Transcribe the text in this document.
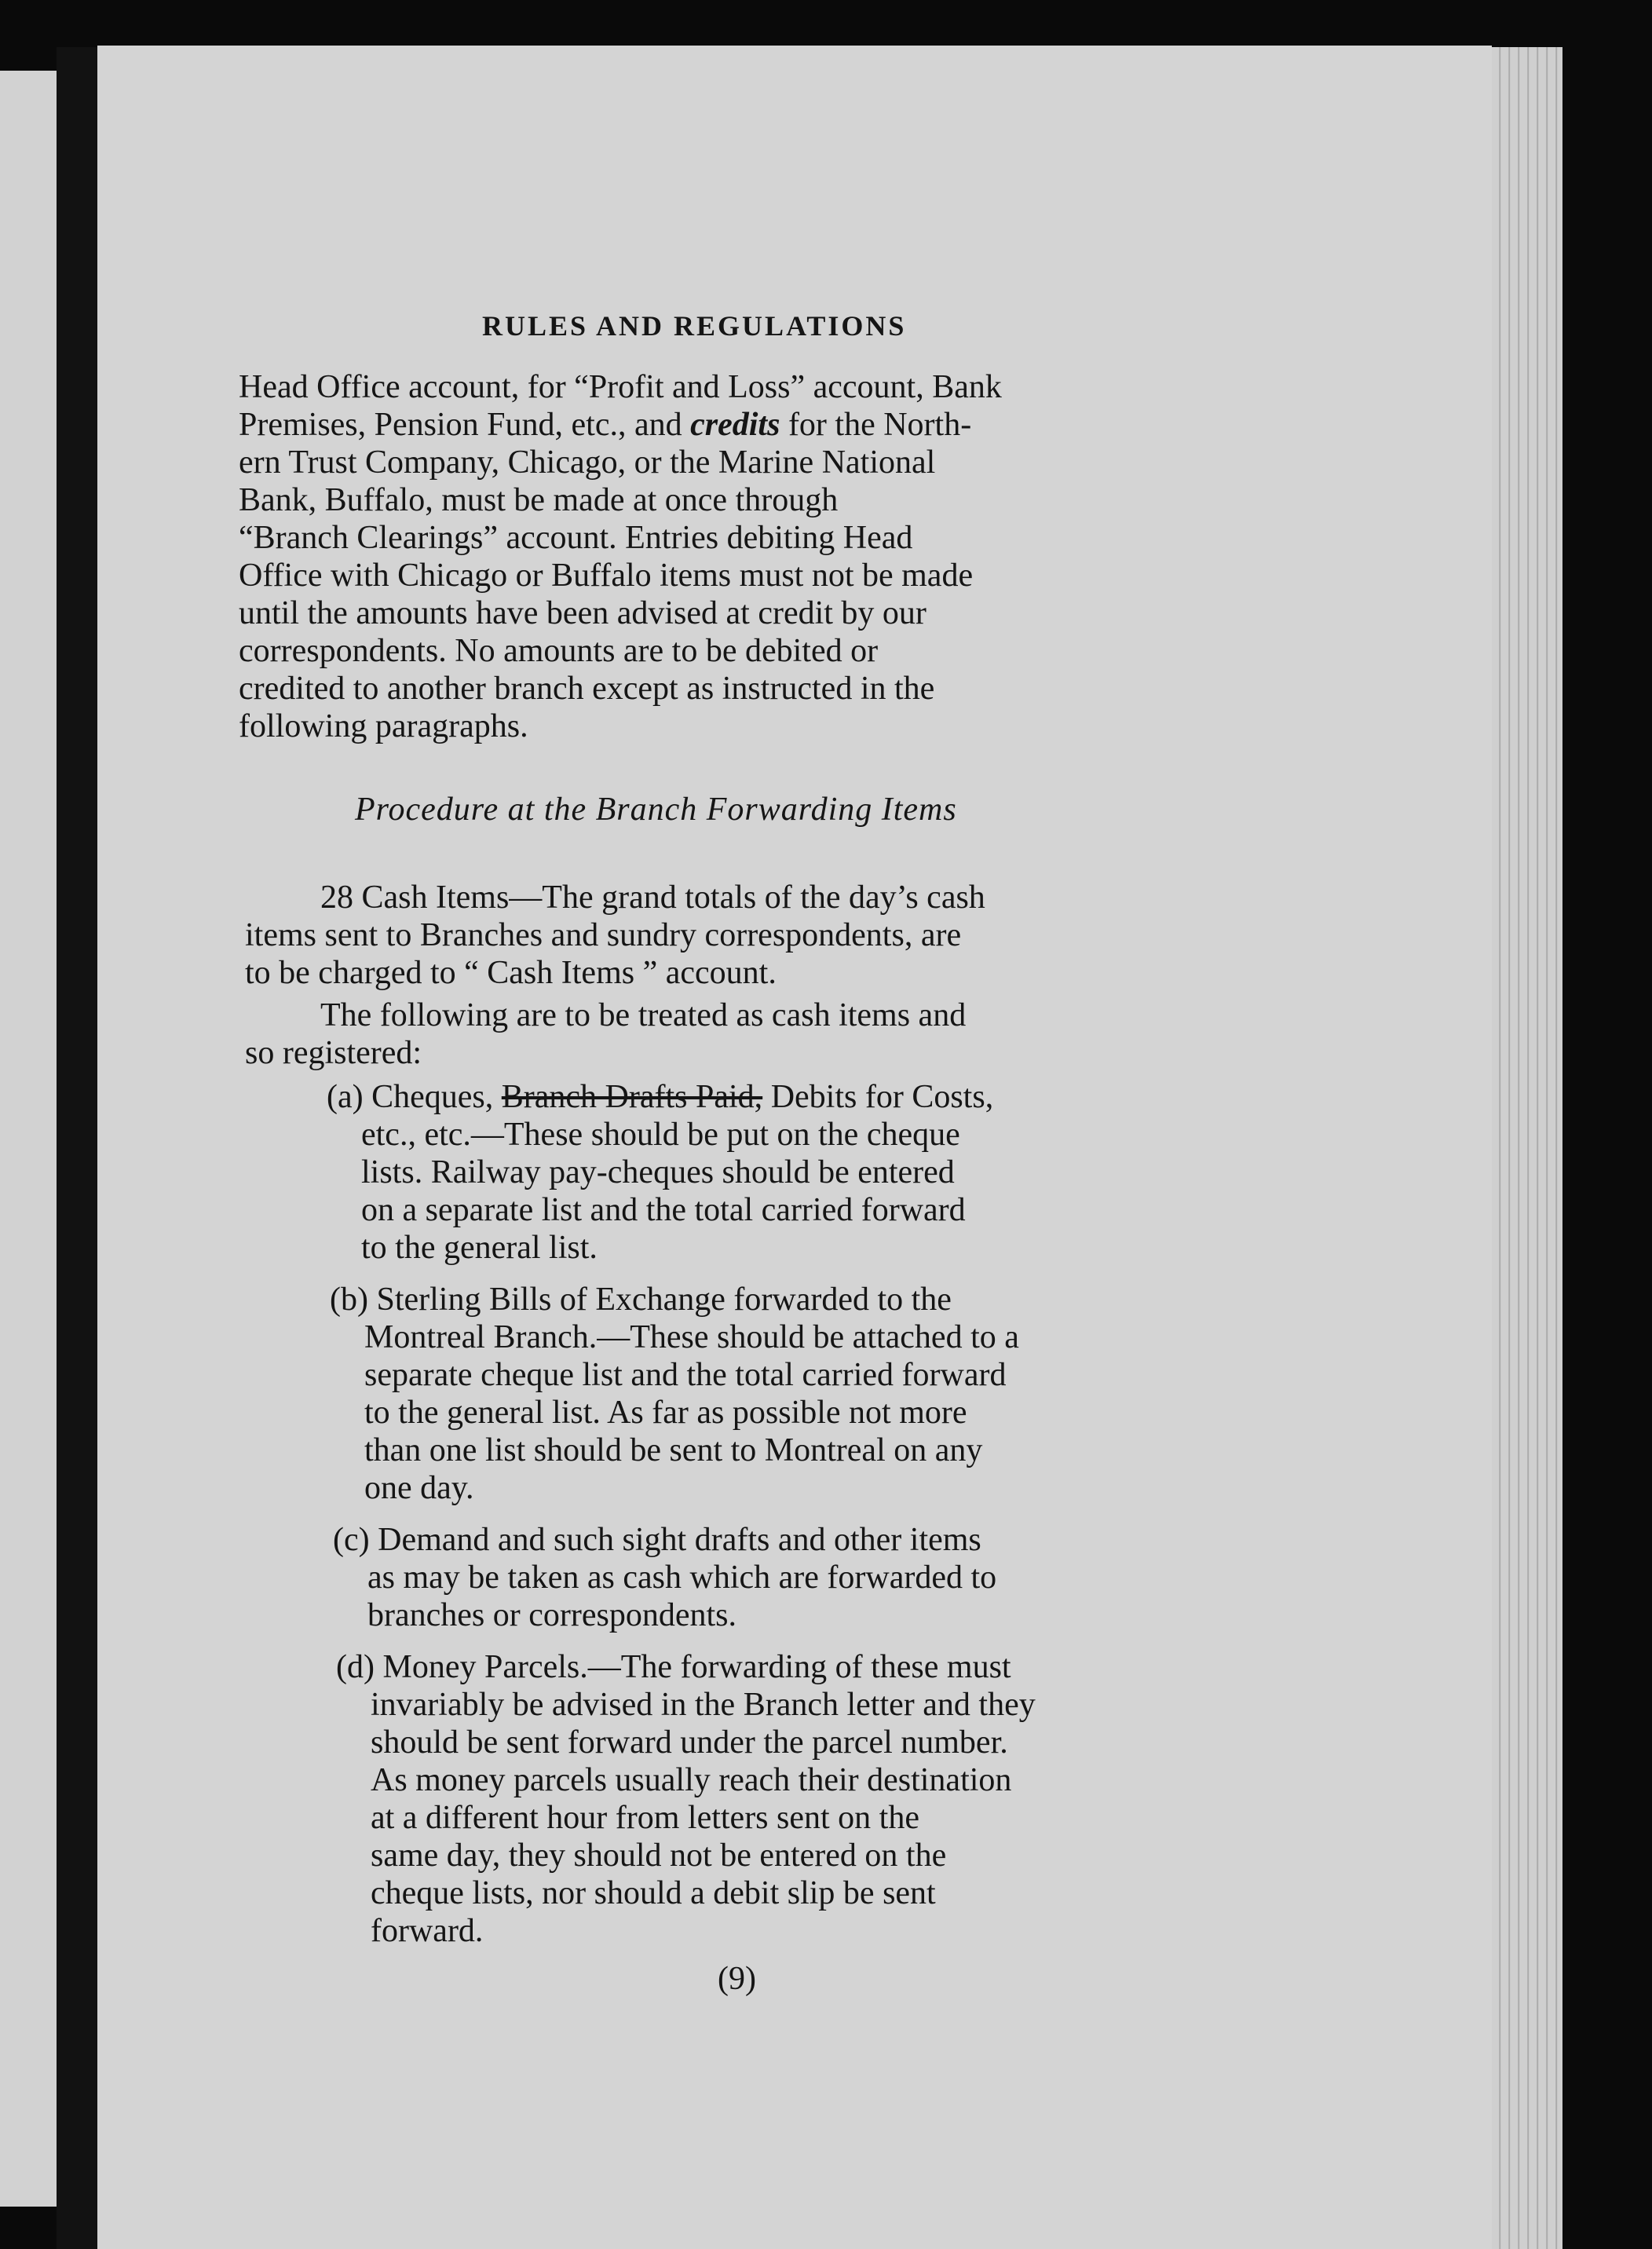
RULES AND REGULATIONS
Head Office account, for “Profit and Loss” account, Bank
Premises, Pension Fund, etc., and credits for the North-
ern Trust Company, Chicago, or the Marine National
Bank, Buffalo, must be made at once through
“Branch Clearings” account. Entries debiting Head
Office with Chicago or Buffalo items must not be made
until the amounts have been advised at credit by our
correspondents. No amounts are to be debited or
credited to another branch except as instructed in the
following paragraphs.
Procedure at the Branch Forwarding Items
28 Cash Items—The grand totals of the day’s cash
items sent to Branches and sundry correspondents, are
to be charged to “ Cash Items ” account.
The following are to be treated as cash items and
so registered:
(a) Cheques, Branch Drafts Paid, Debits for Costs,
etc., etc.—These should be put on the cheque
lists. Railway pay-cheques should be entered
on a separate list and the total carried forward
to the general list.
(b) Sterling Bills of Exchange forwarded to the
Montreal Branch.—These should be attached to a
separate cheque list and the total carried forward
to the general list. As far as possible not more
than one list should be sent to Montreal on any
one day.
(c) Demand and such sight drafts and other items
as may be taken as cash which are forwarded to
branches or correspondents.
(d) Money Parcels.—The forwarding of these must
invariably be advised in the Branch letter and they
should be sent forward under the parcel number.
As money parcels usually reach their destination
at a different hour from letters sent on the
same day, they should not be entered on the
cheque lists, nor should a debit slip be sent
forward.
(9)
